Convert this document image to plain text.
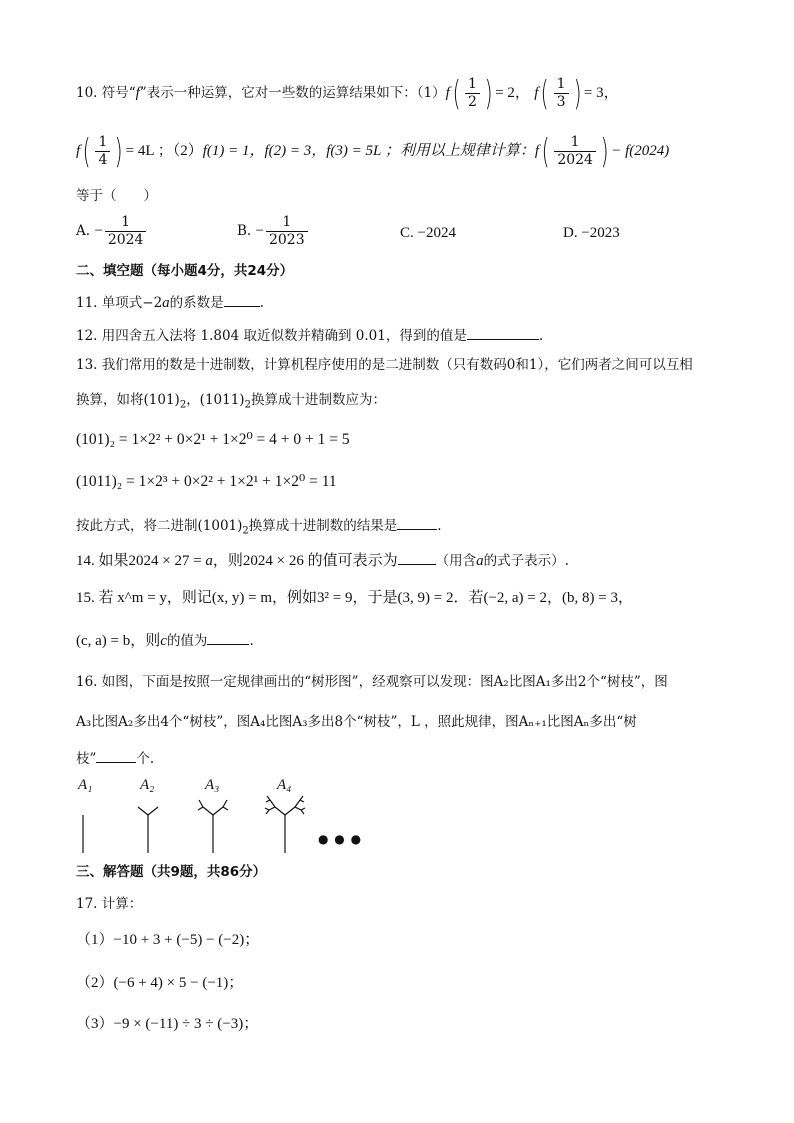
10. 符号“f”表示一种运算，它对一些数的运算结果如下：$(1)f( \frac{1}{2}$ ) = 2， $f( \frac{1}{3}$ ) = 3，
$f( \frac{1}{4}$ ) = 4L ；（2）f(1) = 1，f(2) = 3，f(3) = 5L ；利用以上规律计算：$f( \frac{1}{2024}$ ) − f(2024)
等于（　　）
A. − $\frac{1}{2024}$	B. − $\frac{1}{2023}$	C. −2024	D. −2023
二、填空题（每小题4分，共24分）
11. 单项式−2a的系数是	.
12. 用四舍五入法将 1.804 取近似数并精确到 0.01，得到的值是	.
13. 我们常用的数是十进制数，计算机程序使用的是二进制数（只有数码0和1），它们两者之间可以互相
换算，如将$(101)_2$，$(1011)_2$换算成十进制数应为：
(101)₂ = 1×2² + 0×2¹ + 1×2⁰ = 4 + 0 + 1 = 5
(1011)₂ = 1×2³ + 0×2² + 1×2¹ + 1×2⁰ = 11
按此方式，将二进制$(1001)_2$换算成十进制数的结果是	.
14. 如果2024 × 27 = a，则2024 × 26 的值可表示为	（用含a的式子表示）.
15. 若 x^m = y，则记(x, y) = m，例如3² = 9，于是(3, 9) = 2．若(−2, a) = 2，(b, 8) = 3，
(c, a) = b，则c的值为	.
16. 如图，下面是按照一定规律画出的“树形图”，经观察可以发现：图A₂比图A₁多出2个“树枝”，图
A₃比图A₂多出4个“树枝”，图A₄比图A₃多出8个“树枝”，L ，照此规律，图Aₙ₊₁比图Aₙ多出“树
枝”	个.
A₁	A₂	A₃	A₄
● ● ●
三、解答题（共9题，共86分）
17. 计算：
（1）−10 + 3 + (−5) − (−2)；
（2）(−6 + 4) × 5 − (−1)；
（3）−9 × (−11) ÷ 3 ÷ (−3)；
